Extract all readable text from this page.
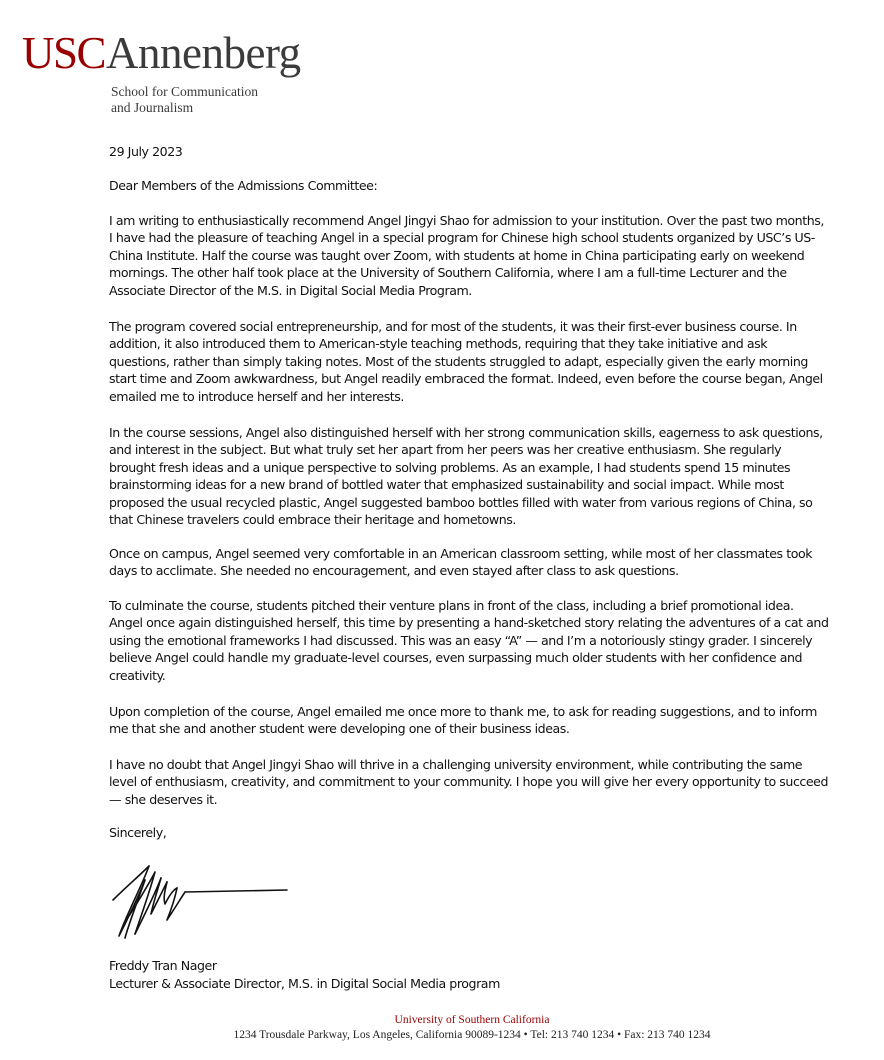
USCAnnenberg
School for Communication
and Journalism
29 July 2023
Dear Members of the Admissions Committee:

I am writing to enthusiastically recommend Angel Jingyi Shao for admission to your institution. Over the past two months, I have had the pleasure of teaching Angel in a special program for Chinese high school students organized by USC’s US-China Institute. Half the course was taught over Zoom, with students at home in China participating early on weekend mornings. The other half took place at the University of Southern California, where I am a full-time Lecturer and the Associate Director of the M.S. in Digital Social Media Program.

The program covered social entrepreneurship, and for most of the students, it was their first-ever business course. In addition, it also introduced them to American-style teaching methods, requiring that they take initiative and ask questions, rather than simply taking notes. Most of the students struggled to adapt, especially given the early morning start time and Zoom awkwardness, but Angel readily embraced the format. Indeed, even before the course began, Angel emailed me to introduce herself and her interests.

In the course sessions, Angel also distinguished herself with her strong communication skills, eagerness to ask questions, and interest in the subject. But what truly set her apart from her peers was her creative enthusiasm. She regularly brought fresh ideas and a unique perspective to solving problems. As an example, I had students spend 15 minutes brainstorming ideas for a new brand of bottled water that emphasized sustainability and social impact. While most proposed the usual recycled plastic, Angel suggested bamboo bottles filled with water from various regions of China, so that Chinese travelers could embrace their heritage and hometowns.

Once on campus, Angel seemed very comfortable in an American classroom setting, while most of her classmates took days to acclimate. She needed no encouragement, and even stayed after class to ask questions.

To culminate the course, students pitched their venture plans in front of the class, including a brief promotional idea. Angel once again distinguished herself, this time by presenting a hand-sketched story relating the adventures of a cat and using the emotional frameworks I had discussed. This was an easy “A” — and I’m a notoriously stingy grader. I sincerely believe Angel could handle my graduate-level courses, even surpassing much older students with her confidence and creativity.

Upon completion of the course, Angel emailed me once more to thank me, to ask for reading suggestions, and to inform me that she and another student were developing one of their business ideas.

I have no doubt that Angel Jingyi Shao will thrive in a challenging university environment, while contributing the same level of enthusiasm, creativity, and commitment to your community. I hope you will give her every opportunity to succeed — she deserves it.

Sincerely,
Freddy Tran Nager
Lecturer & Associate Director, M.S. in Digital Social Media program
University of Southern California
1234 Trousdale Parkway, Los Angeles, California 90089-1234 • Tel: 213 740 1234 • Fax: 213 740 1234
